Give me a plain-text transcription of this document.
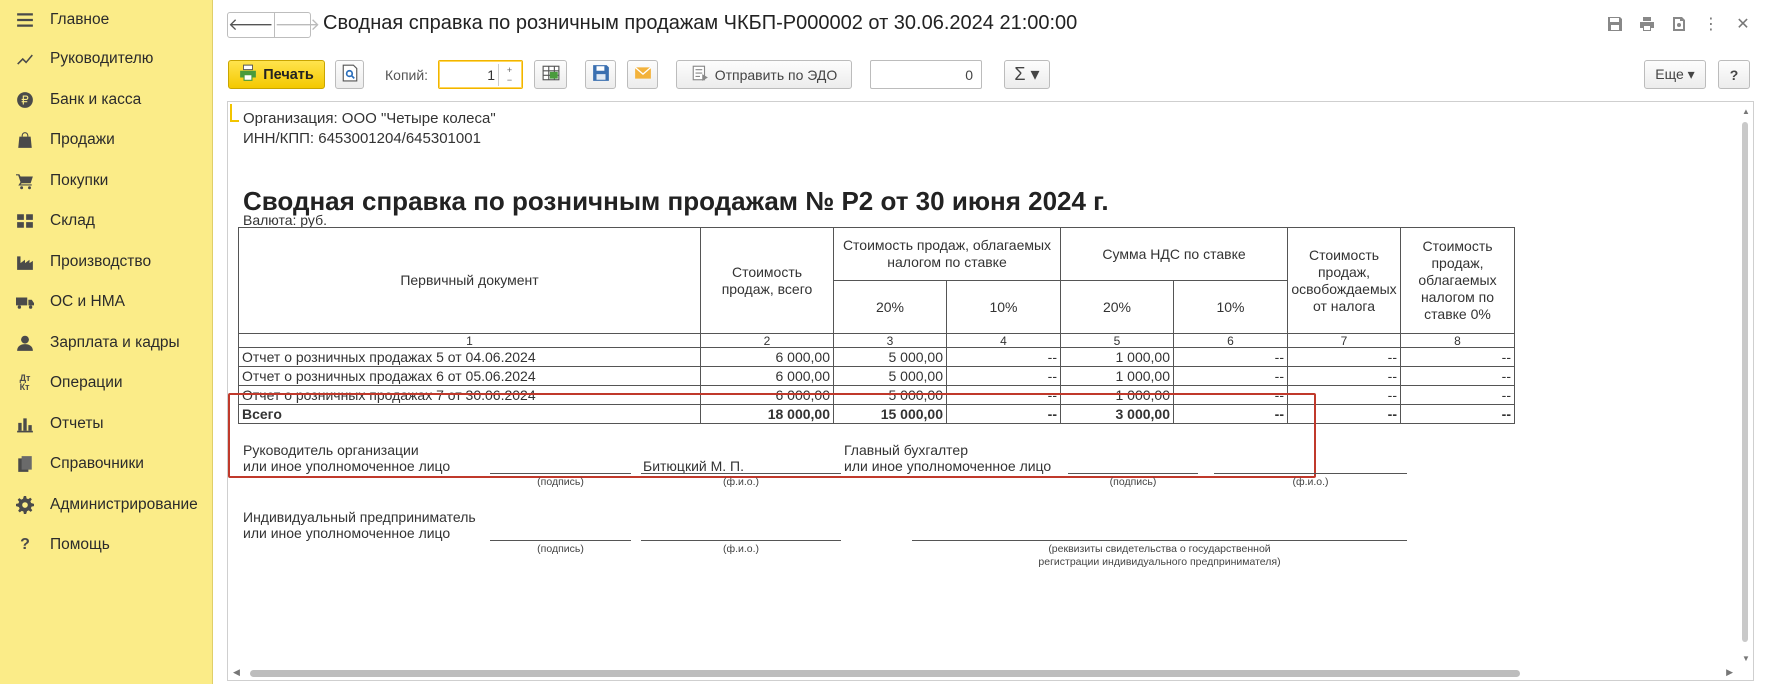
Главное
Руководителю
Банк и касса
Продажи
Покупки
Склад
Производство
ОС и НМА
Зарплата и кадры
Дт
Кт	Операции
Отчеты
Справочники
Администрирование
?	Помощь
🡐 🡒 Сводная справка по розничным продажам ЧКБП-Р000002 от 30.06.2024 21:00:00	⋮ ✕
Печать	Копий:
1	+
−	Отправить по ЭДО
0	Σ ▾	Еще ▾	?
Организация: ООО "Четыре колеса"
ИНН/КПП: 6453001204/645301001
Сводная справка по розничным продажам № Р2 от 30 июня 2024 г.
Валюта: руб.
Первичный документ	Стоимость продаж, всего	Стоимость продаж, облагаемых налогом по ставке		Сумма НДС по ставке		Стоимость продаж, освобождаемых от налога	Стоимость продаж, облагаемых налогом по ставке 0%
		20%	10%	20%	10%		
1	2	3	4	5	6	7	8
Отчет о розничных продажах 5 от 04.06.2024	6 000,00	5 000,00	--	1 000,00	--	--	--
Отчет о розничных продажах 6 от 05.06.2024	6 000,00	5 000,00	--	1 000,00	--	--	--
Отчет о розничных продажах 7 от 30.06.2024	6 000,00	5 000,00	--	1 000,00	--	--	--
Всего	18 000,00	15 000,00	--	3 000,00	--	--	--
Руководитель организации
или иное уполномоченное лицо
(подпись)
Битюцкий М. П.
(ф.и.о.)
Главный бухгалтер
или иное уполномоченное лицо
(подпись)	(ф.и.о.)
Индивидуальный предприниматель
или иное уполномоченное лицо
(подпись)	(ф.и.о.)	(реквизиты свидетельства о государственной
регистрации индивидуального предпринимателя)
▲
▼
◀	▶
